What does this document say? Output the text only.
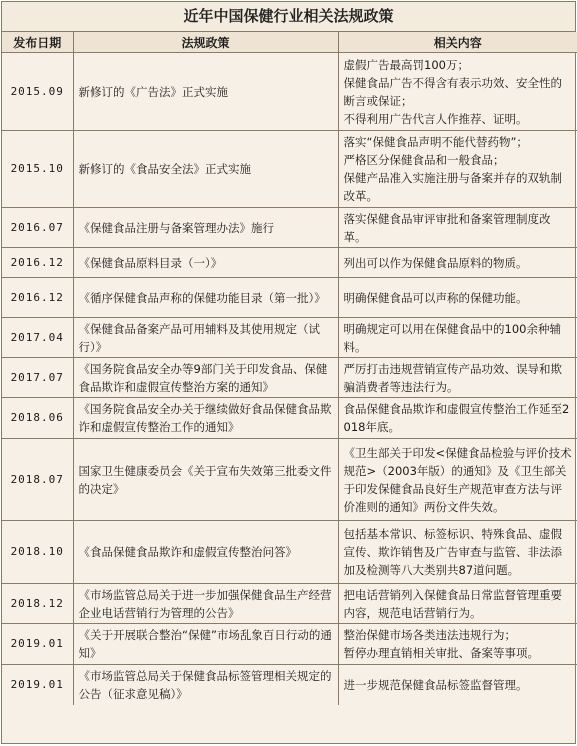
近年中国保健行业相关法规政策
发布日期	法规政策	相关内容
2015.09	新修订的《广告法》正式实施	虚假广告最高罚100万；
保健食品广告不得含有表示功效、安全性的断言或保证；
不得利用广告代言人作推荐、证明。

2015.10	新修订的《食品安全法》正式实施	落实“保健食品声明不能代替药物”；
严格区分保健食品和一般食品；
保健产品准入实施注册与备案并存的双轨制改革。

2016.07	《保健食品注册与备案管理办法》施行	落实保健食品审评审批和备案管理制度改革。

2016.12	《保健食品原料目录（一）》	列出可以作为保健食品原料的物质。

2016.12	《循序保健食品声称的保健功能目录（第一批）》	明确保健食品可以声称的保健功能。

2017.04	《保健食品备案产品可用辅料及其使用规定（试行）》	明确规定可以用在保健食品中的100余种辅料。

2017.07	《国务院食品安全办等9部门关于印发食品、保健食品欺诈和虚假宣传整治方案的通知》	严厉打击违规营销宣传产品功效、误导和欺骗消费者等违法行为。

2018.06	《国务院食品安全办关于继续做好食品保健食品欺诈和虚假宣传整治工作的通知》	食品保健食品欺诈和虚假宣传整治工作延至2018年底。

2018.07	国家卫生健康委员会《关于宣布失效第三批委文件的决定》	《卫生部关于印发<保健食品检验与评价技术规范>（2003年版）的通知》及《卫生部关于印发保健食品良好生产规范审查方法与评价准则的通知》两份文件失效。

2018.10	《食品保健食品欺诈和虚假宣传整治问答》	包括基本常识、标签标识、特殊食品、虚假宣传、欺诈销售及广告审查与监管、非法添加及检测等八大类别共87道问题。

2018.12	《市场监管总局关于进一步加强保健食品生产经营企业电话营销行为管理的公告》	把电话营销列入保健食品日常监督管理重要内容，规范电话营销行为。

2019.01	《关于开展联合整治“保健”市场乱象百日行动的通知》	整治保健市场各类违法违规行为；
暂停办理直销相关审批、备案等事项。

2019.01	《市场监管总局关于保健食品标签管理相关规定的公告（征求意见稿）》	进一步规范保健食品标签监督管理。
